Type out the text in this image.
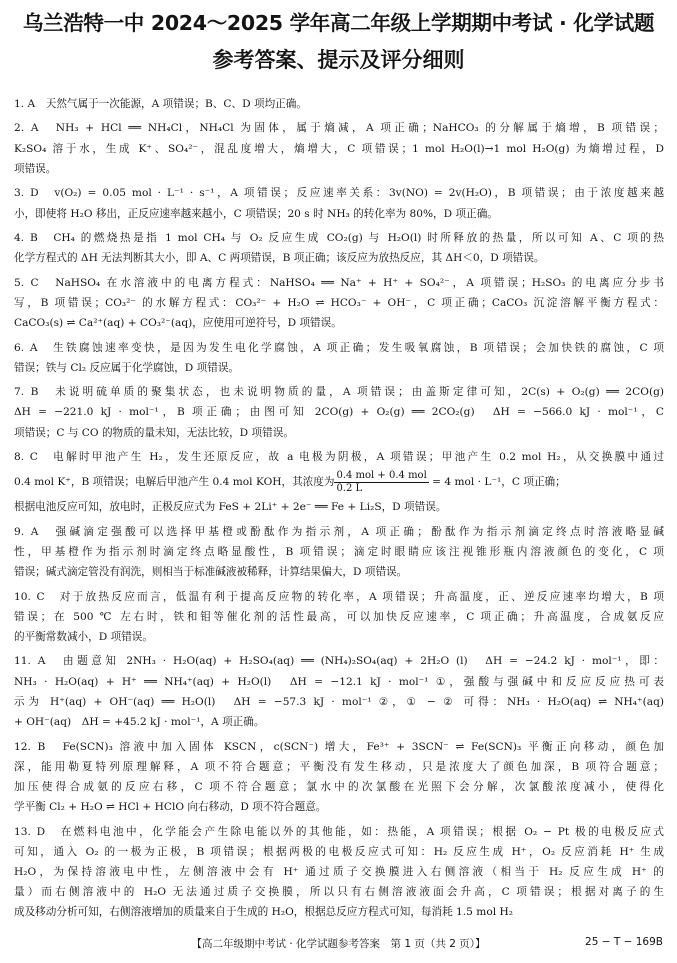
乌兰浩特一中 2024～2025 学年高二年级上学期期中考试 · 化学试题
参考答案、提示及评分细则
1. A　天然气属于一次能源，A 项错误；B、C、D 项均正确。
2. A　NH₃ + HCl ══ NH₄Cl，NH₄Cl 为固体，属于熵减，A 项正确；NaHCO₃ 的分解属于熵增，B 项错误；
K₂SO₄ 溶于水，生成 K⁺、SO₄²⁻，混乱度增大，熵增大，C 项错误；1 mol H₂O(l)→1 mol H₂O(g) 为熵增过程，D
项错误。
3. D　v(O₂) = 0.05 mol · L⁻¹ · s⁻¹，A 项错误；反应速率关系：3v(NO) = 2v(H₂O)，B 项错误；由于浓度越来越
小，即使将 H₂O 移出，正反应速率越来越小，C 项错误；20 s 时 NH₃ 的转化率为 80%，D 项正确。
4. B　CH₄ 的燃烧热是指 1 mol CH₄ 与 O₂ 反应生成 CO₂(g) 与 H₂O(l) 时所释放的热量，所以可知 A、C 项的热
化学方程式的 ΔH 无法判断其大小，即 A、C 两项错误，B 项正确；该反应为放热反应，其 ΔH＜0，D 项错误。
5. C　NaHSO₄ 在水溶液中的电离方程式：NaHSO₄ ══ Na⁺ + H⁺ + SO₄²⁻，A 项错误；H₂SO₃ 的电离应分步书
写，B 项错误；CO₃²⁻ 的水解方程式：CO₃²⁻ + H₂O ⇌ HCO₃⁻ + OH⁻，C 项正确；CaCO₃ 沉淀溶解平衡方程式：
CaCO₃(s) ⇌ Ca²⁺(aq) + CO₃²⁻(aq)，应使用可逆符号，D 项错误。
6. A　生铁腐蚀速率变快，是因为发生电化学腐蚀，A 项正确；发生吸氧腐蚀，B 项错误；会加快铁的腐蚀，C 项
错误；铁与 Cl₂ 反应属于化学腐蚀，D 项错误。
7. B　未说明硫单质的聚集状态，也未说明物质的量，A 项错误；由盖斯定律可知，2C(s) + O₂(g) ══ 2CO(g)
ΔH = −221.0 kJ · mol⁻¹，B 项正确；由图可知 2CO(g) + O₂(g) ══ 2CO₂(g)　ΔH = −566.0 kJ · mol⁻¹，C
项错误；C 与 CO 的物质的量未知，无法比较，D 项错误。
8. C　电解时甲池产生 H₂，发生还原反应，故 a 电极为阴极，A 项错误；甲池产生 0.2 mol H₂，从交换膜中通过
0.4 mol K⁺，B 项错误；电解后甲池产生 0.4 mol KOH，其浓度为 $\frac{\text{0.4 mol + 0.4 mol}}{0.2 L} = 4$ mol · L⁻¹，C 项正确；
根据电池反应可知，放电时，正极反应式为 FeS + 2Li⁺ + 2e⁻ ══ Fe + Li₂S，D 项错误。
9. A　强碱滴定强酸可以选择甲基橙或酚酞作为指示剂，A 项正确；酚酞作为指示剂滴定终点时溶液略显碱
性，甲基橙作为指示剂时滴定终点略显酸性，B 项错误；滴定时眼睛应该注视锥形瓶内溶液颜色的变化，C 项
错误；碱式滴定管没有润洗，则相当于标准碱液被稀释，计算结果偏大，D 项错误。
10. C　对于放热反应而言，低温有利于提高反应物的转化率，A 项错误；升高温度，正、逆反应速率均增大，B 项
错误；在 500 ℃ 左右时，铁和钼等催化剂的活性最高，可以加快反应速率，C 项正确；升高温度，合成氨反应
的平衡常数减小，D 项错误。
11. A　由题意知 2NH₃ · H₂O(aq) + H₂SO₄(aq) ══ (NH₄)₂SO₄(aq) + 2H₂O (l)　ΔH = −24.2 kJ · mol⁻¹，即：
NH₃ · H₂O(aq) + H⁺ ══ NH₄⁺(aq) + H₂O(l)　ΔH = −12.1 kJ · mol⁻¹ ①，强酸与强碱中和反应反应热可表
示为 H⁺(aq) + OH⁻(aq) ══ H₂O(l)　ΔH = −57.3 kJ · mol⁻¹ ②，① − ② 可得：NH₃ · H₂O(aq) ⇌ NH₄⁺(aq)
+ OH⁻(aq)　ΔH = +45.2 kJ · mol⁻¹，A 项正确。
12. B　Fe(SCN)₃ 溶液中加入固体 KSCN，c(SCN⁻) 增大，Fe³⁺ + 3SCN⁻ ⇌ Fe(SCN)₃ 平衡正向移动，颜色加
深，能用勒夏特列原理解释，A 项不符合题意；平衡没有发生移动，只是浓度大了颜色加深，B 项符合题意；
加压使得合成氨的反应右移，C 项不符合题意；氯水中的次氯酸在光照下会分解，次氯酸浓度减小，使得化
学平衡 Cl₂ + H₂O ⇌ HCl + HClO 向右移动，D 项不符合题意。
13. D　在燃料电池中，化学能会产生除电能以外的其他能，如：热能，A 项错误；根据 O₂ − Pt 极的电极反应式
可知，通入 O₂ 的一极为正极，B 项错误；根据两极的电极反应式可知：H₂ 反应生成 H⁺，O₂ 反应消耗 H⁺ 生成
H₂O，为保持溶液电中性，左侧溶液中会有 H⁺ 通过质子交换膜进入右侧溶液（相当于 H₂ 反应生成 H⁺ 的
量）而右侧溶液中的 H₂O 无法通过质子交换膜，所以只有右侧溶液液面会升高，C 项错误；根据对离子的生
成及移动分析可知，右侧溶液增加的质量来自于生成的 H₂O，根据总反应方程式可知，每消耗 1.5 mol H₂
【高二年级期中考试 · 化学试题参考答案　第 1 页（共 2 页）】	25 − T − 169B
